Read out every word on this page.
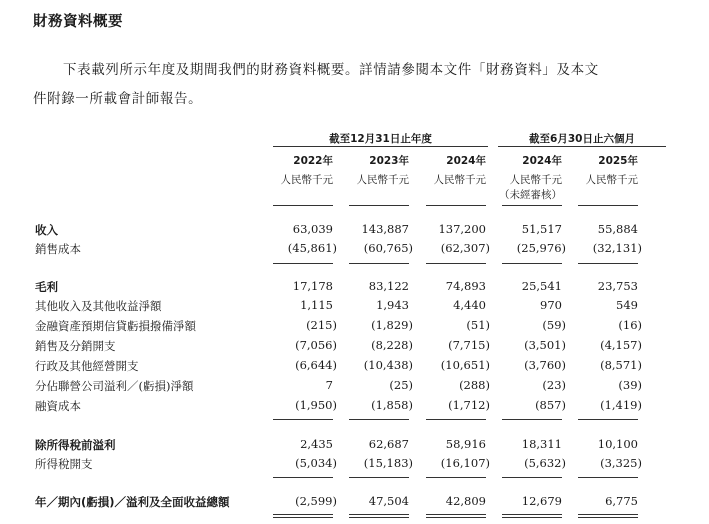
財務資料概要
下表載列所示年度及期間我們的財務資料概要。詳情請參閱本文件「財務資料」及本文
件附錄一所載會計師報告。
截至12月31日止年度	截至6月30日止六個月
2022年	2023年	2024年	2024年	2025年
人民幣千元	人民幣千元	人民幣千元	人民幣千元	人民幣千元
（未經審核）
收入	63,039	143,887	137,200	51,517	55,884
銷售成本	(45,861)	(60,765)	(62,307)	(25,976)	(32,131)
毛利	17,178	83,122	74,893	25,541	23,753
其他收入及其他收益淨額	1,115	1,943	4,440	970	549
金融資產預期信貸虧損撥備淨額	(215)	(1,829)	(51)	(59)	(16)
銷售及分銷開支	(7,056)	(8,228)	(7,715)	(3,501)	(4,157)
行政及其他經營開支	(6,644)	(10,438)	(10,651)	(3,760)	(8,571)
分佔聯營公司溢利／(虧損)淨額	7	(25)	(288)	(23)	(39)
融資成本	(1,950)	(1,858)	(1,712)	(857)	(1,419)
除所得稅前溢利	2,435	62,687	58,916	18,311	10,100
所得稅開支	(5,034)	(15,183)	(16,107)	(5,632)	(3,325)
年／期內(虧損)／溢利及全面收益總額	(2,599)	47,504	42,809	12,679	6,775
